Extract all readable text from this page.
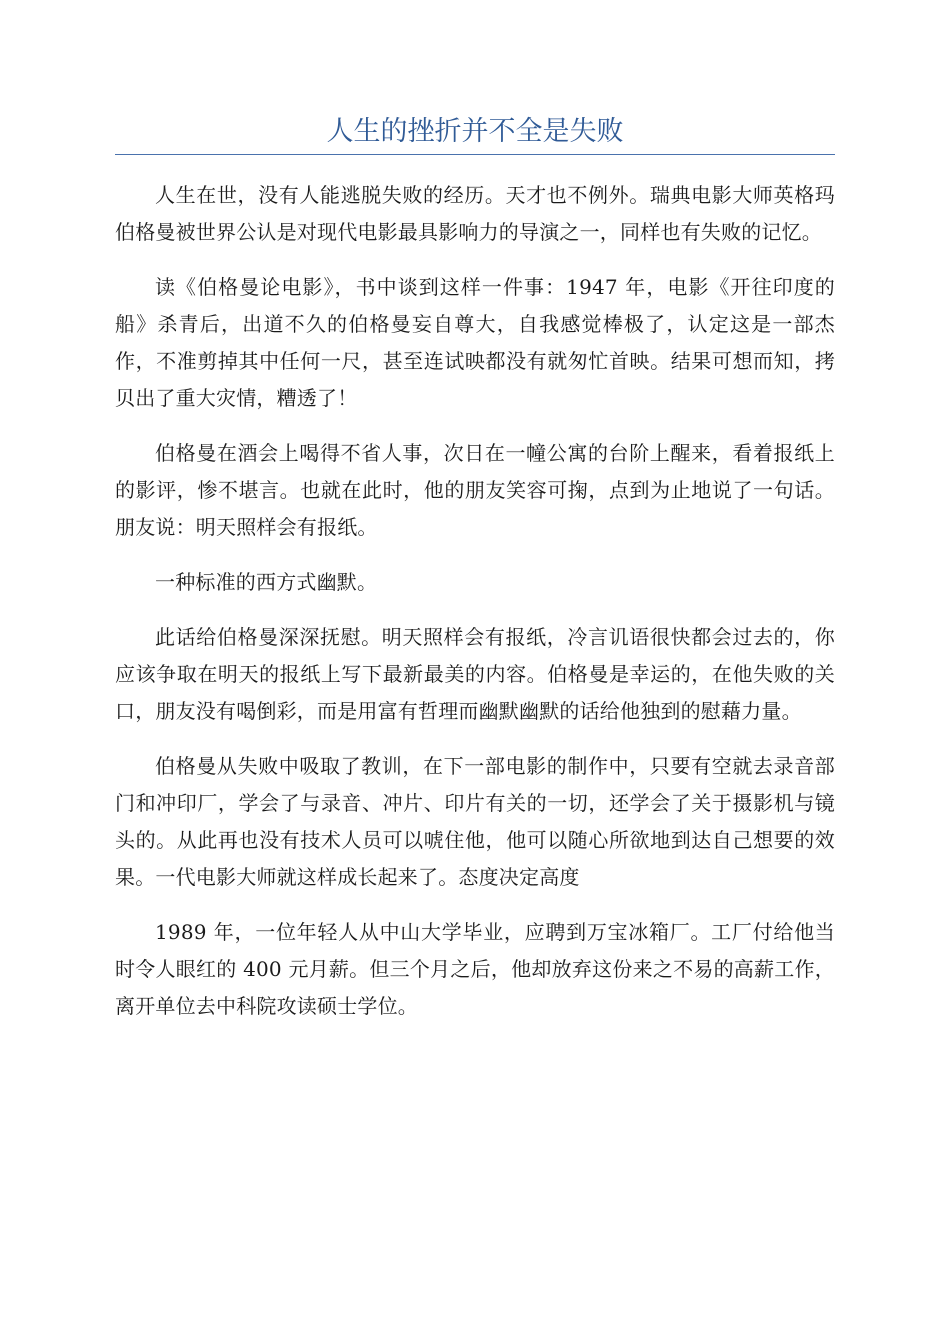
人生的挫折并不全是失败

人生在世，没有人能逃脱失败的经历。天才也不例外。瑞典电影大师英格玛伯格曼被世界公认是对现代电影最具影响力的导演之一，同样也有失败的记忆。

读《伯格曼论电影》，书中谈到这样一件事：1947 年，电影《开往印度的船》杀青后，出道不久的伯格曼妄自尊大，自我感觉棒极了，认定这是一部杰作，不准剪掉其中任何一尺，甚至连试映都没有就匆忙首映。结果可想而知，拷贝出了重大灾情，糟透了！

伯格曼在酒会上喝得不省人事，次日在一幢公寓的台阶上醒来，看着报纸上的影评，惨不堪言。也就在此时，他的朋友笑容可掬，点到为止地说了一句话。朋友说：明天照样会有报纸。

一种标准的西方式幽默。

此话给伯格曼深深抚慰。明天照样会有报纸，冷言讥语很快都会过去的，你应该争取在明天的报纸上写下最新最美的内容。伯格曼是幸运的，在他失败的关口，朋友没有喝倒彩，而是用富有哲理而幽默幽默的话给他独到的慰藉力量。

伯格曼从失败中吸取了教训，在下一部电影的制作中，只要有空就去录音部门和冲印厂，学会了与录音、冲片、印片有关的一切，还学会了关于摄影机与镜头的。从此再也没有技术人员可以唬住他，他可以随心所欲地到达自己想要的效果。一代电影大师就这样成长起来了。态度决定高度

1989 年，一位年轻人从中山大学毕业，应聘到万宝冰箱厂。工厂付给他当时令人眼红的 400 元月薪。但三个月之后，他却放弃这份来之不易的高薪工作，离开单位去中科院攻读硕士学位。
